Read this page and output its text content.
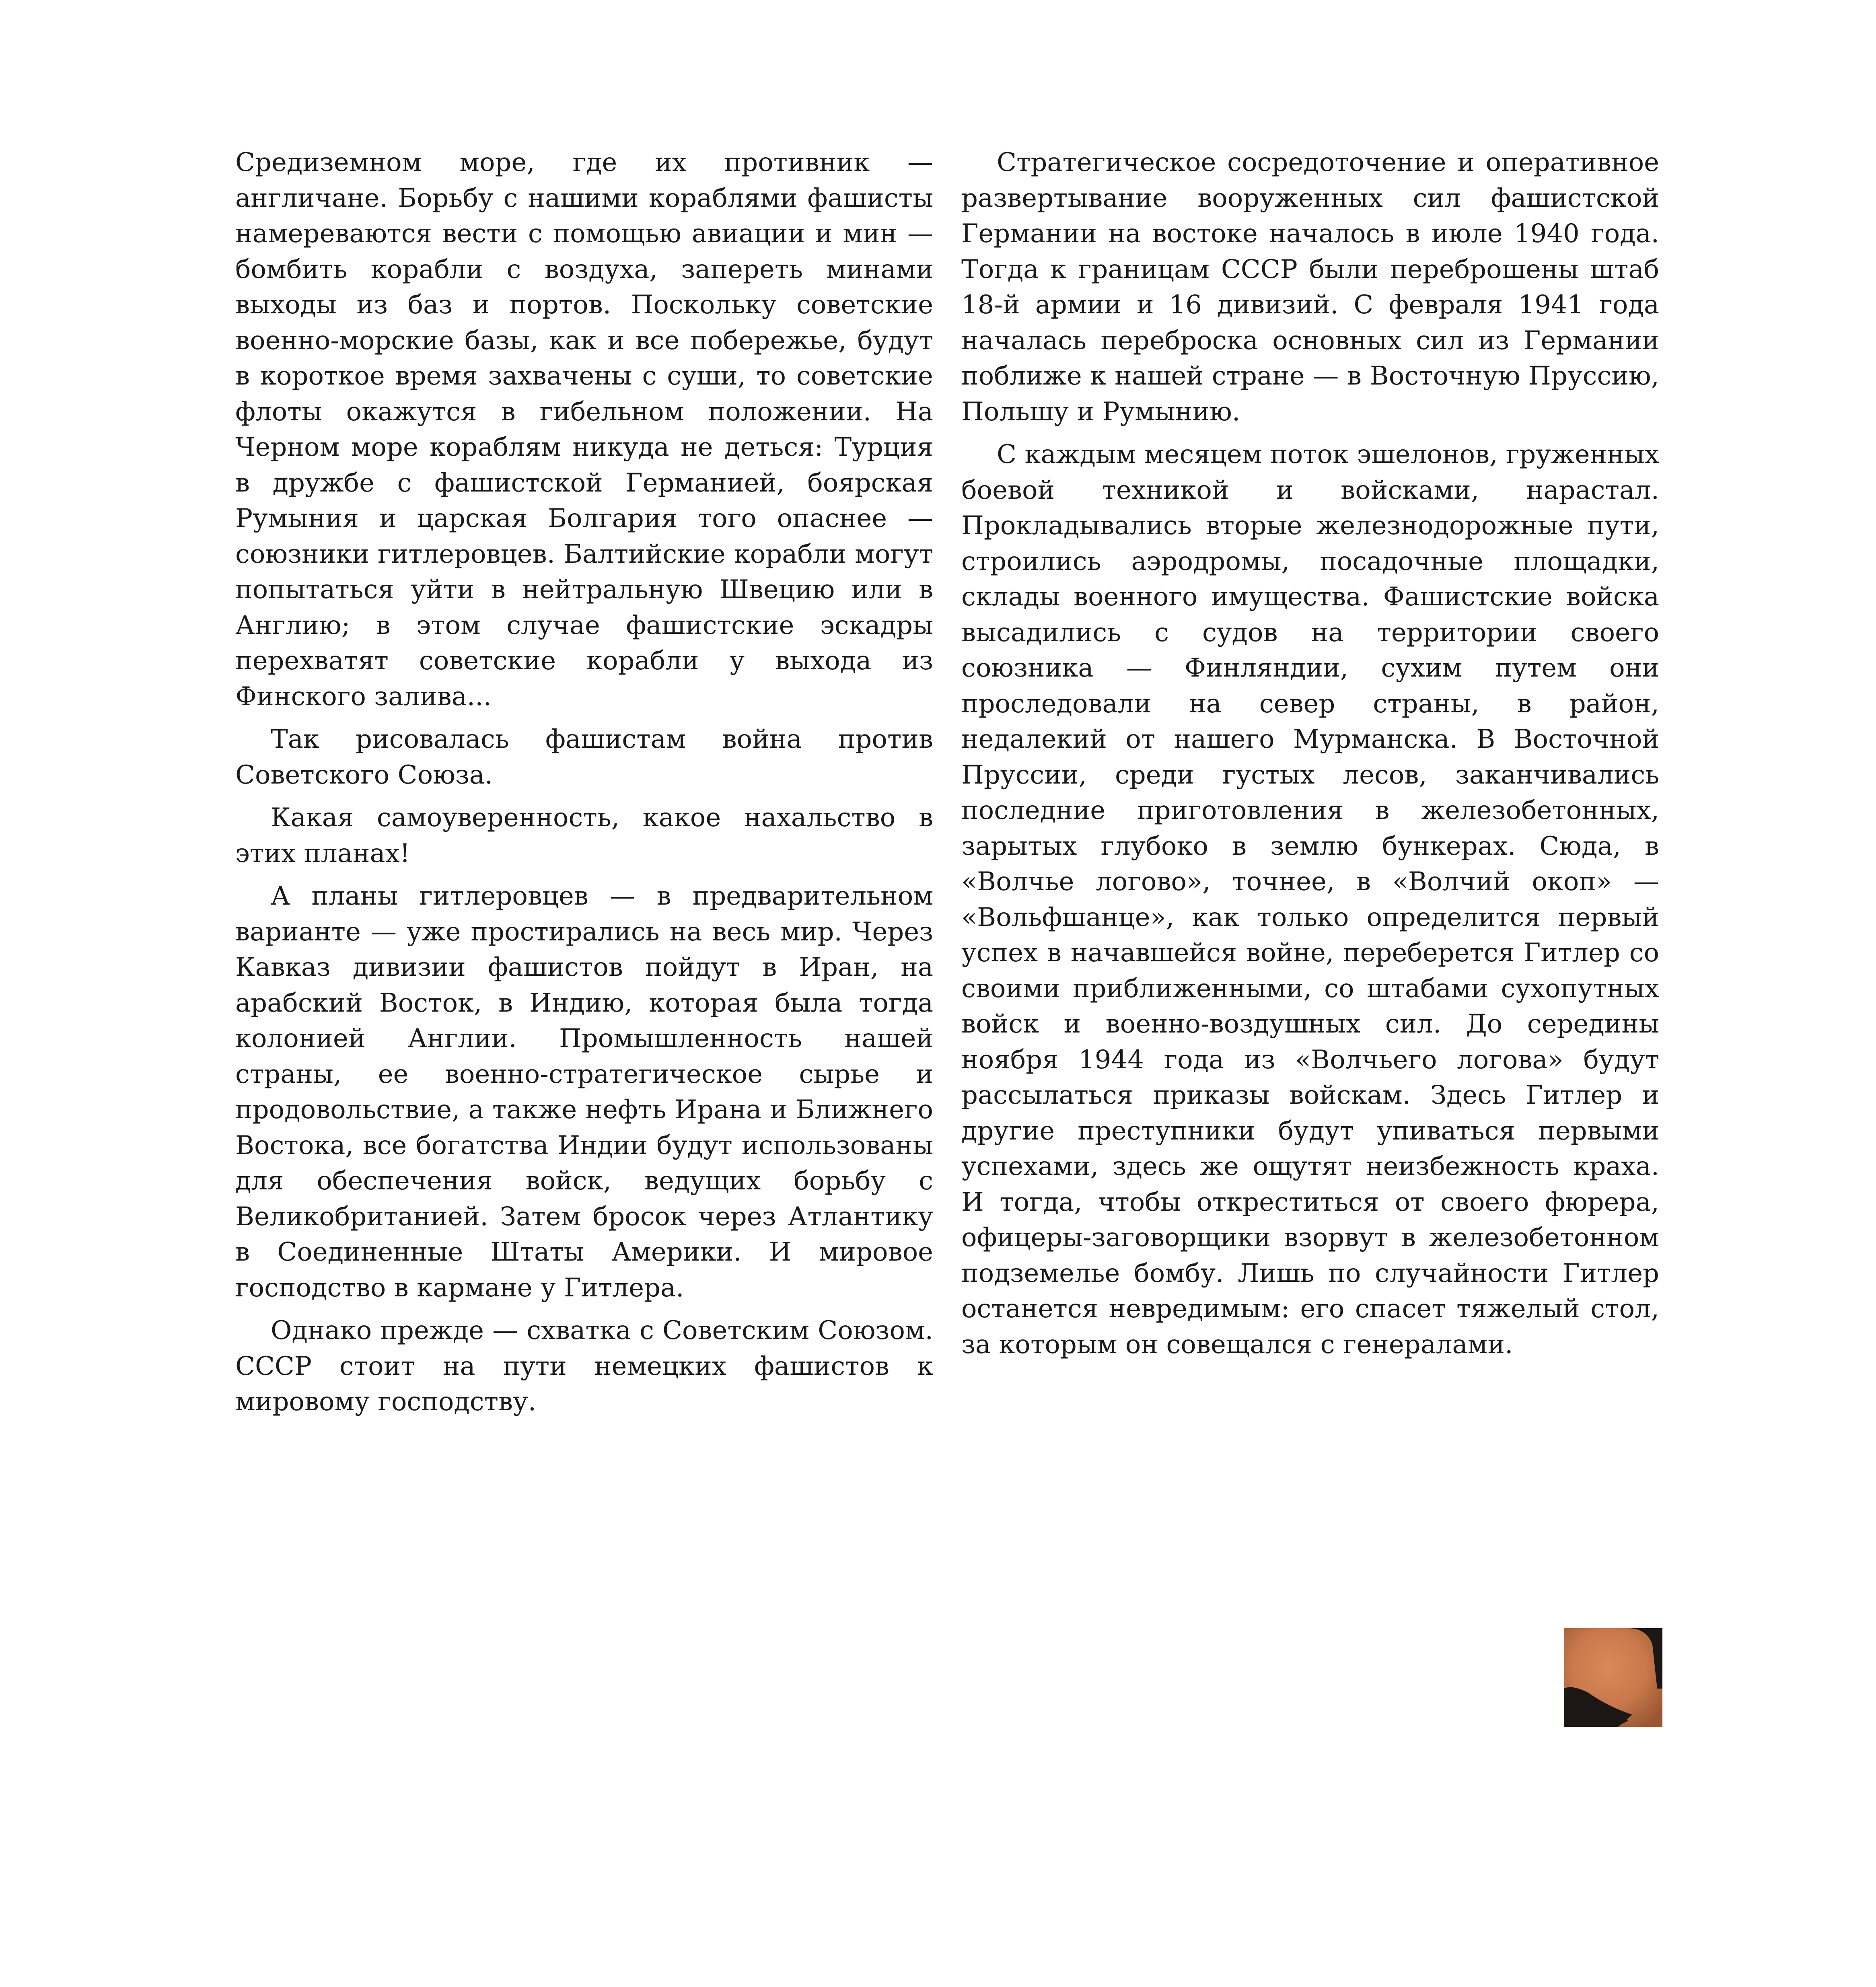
Средиземном море, где их противник — англичане. Борьбу с нашими кораблями фашисты намереваются вести с помощью авиации и мин — бомбить корабли с воздуха, запереть минами выходы из баз и портов. Поскольку советские военно-морские базы, как и все побережье, будут в короткое время захвачены с суши, то советские флоты окажутся в гибельном положении. На Черном море кораблям никуда не деться: Турция в дружбе с фашистской Германией, боярская Румыния и царская Болгария того опаснее — союзники гитлеровцев. Балтийские корабли могут попытаться уйти в нейтральную Швецию или в Англию; в этом случае фашистские эскадры перехватят советские корабли у выхода из Финского залива...

Так рисовалась фашистам война против Советского Союза.

Какая самоуверенность, какое нахальство в этих планах!

А планы гитлеровцев — в предварительном варианте — уже простирались на весь мир. Через Кавказ дивизии фашистов пойдут в Иран, на арабский Восток, в Индию, которая была тогда колонией Англии. Промышленность нашей страны, ее военно-стратегическое сырье и продовольствие, а также нефть Ирана и Ближнего Востока, все богатства Индии будут использованы для обеспечения войск, ведущих борьбу с Великобританией. Затем бросок через Атлантику в Соединенные Штаты Америки. И мировое господство в кармане у Гитлера.

Однако прежде — схватка с Советским Союзом. СССР стоит на пути немецких фашистов к мировому господству.

Стратегическое сосредоточение и оперативное развертывание вооруженных сил фашистской Германии на востоке началось в июле 1940 года. Тогда к границам СССР были переброшены штаб 18-й армии и 16 дивизий. С февраля 1941 года началась переброска основных сил из Германии поближе к нашей стране — в Восточную Пруссию, Польшу и Румынию.

С каждым месяцем поток эшелонов, груженных боевой техникой и войсками, нарастал. Прокладывались вторые железнодорожные пути, строились аэродромы, посадочные площадки, склады военного имущества. Фашистские войска высадились с судов на территории своего союзника — Финляндии, сухим путем они проследовали на север страны, в район, недалекий от нашего Мурманска. В Восточной Пруссии, среди густых лесов, заканчивались последние приготовления в железобетонных, зарытых глубоко в землю бункерах. Сюда, в «Волчье логово», точнее, в «Волчий окоп» — «Вольфшанце», как только определится первый успех в начавшейся войне, переберется Гитлер со своими приближенными, со штабами сухопутных войск и военно-воздушных сил. До середины ноября 1944 года из «Волчьего логова» будут рассылаться приказы войскам. Здесь Гитлер и другие преступники будут упиваться первыми успехами, здесь же ощутят неизбежность краха. И тогда, чтобы откреститься от своего фюрера, офицеры-заговорщики взорвут в железобетонном подземелье бомбу. Лишь по случайности Гитлер останется невредимым: его спасет тяжелый стол, за которым он совещался с генералами.
